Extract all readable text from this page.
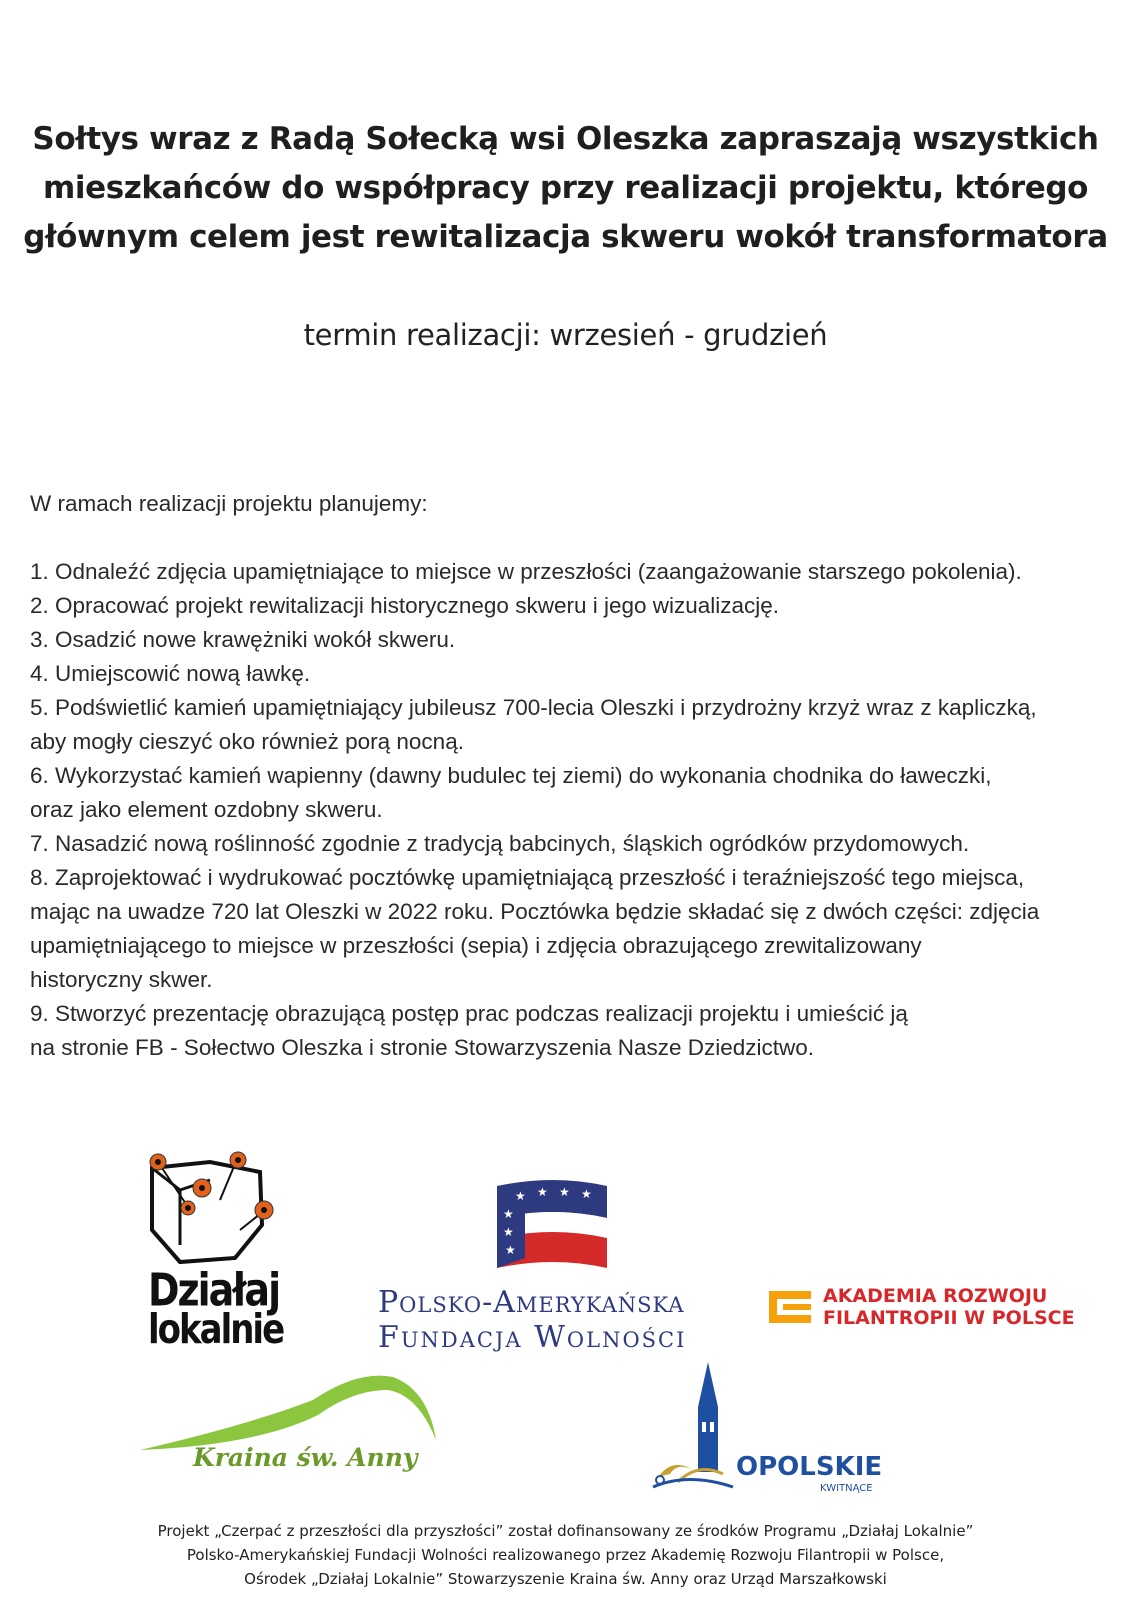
Sołtys wraz z Radą Sołecką wsi Oleszka zapraszają wszystkich
mieszkańców do współpracy przy realizacji projektu, którego
głównym celem jest rewitalizacja skweru wokół transformatora
termin realizacji: wrzesień - grudzień
W ramach realizacji projektu planujemy:
1. Odnaleźć zdjęcia upamiętniające to miejsce w przeszłości (zaangażowanie starszego pokolenia).
2. Opracować projekt rewitalizacji historycznego skweru i jego wizualizację.
3. Osadzić nowe krawężniki wokół skweru.
4. Umiejscowić nową ławkę.
5. Podświetlić kamień upamiętniający jubileusz 700-lecia Oleszki i przydrożny krzyż wraz z kapliczką,
aby mogły cieszyć oko również porą nocną.
6. Wykorzystać kamień wapienny (dawny budulec tej ziemi) do wykonania chodnika do ławeczki,
oraz jako element ozdobny skweru.
7. Nasadzić nową roślinność zgodnie z tradycją babcinych, śląskich ogródków przydomowych.
8. Zaprojektować i wydrukować pocztówkę upamiętniającą przeszłość i teraźniejszość tego miejsca,
mając na uwadze 720 lat Oleszki w 2022 roku. Pocztówka będzie składać się z dwóch części: zdjęcia
upamiętniającego to miejsce w przeszłości (sepia) i zdjęcia obrazującego zrewitalizowany
historyczny skwer.
9. Stworzyć prezentację obrazującą postęp prac podczas realizacji projektu i umieścić ją
na stronie FB - Sołectwo Oleszka i stronie Stowarzyszenia Nasze Dziedzictwo.
Działaj
lokalnie
★ ★ ★ ★
★
★
★
Polsko-Amerykańska
Fundacja Wolności
AKADEMIA ROZWOJU
FILANTROPII W POLSCE
Kraina św. Anny	OPOLSKIE
KWITNĄCE
Projekt „Czerpać z przeszłości dla przyszłości” został dofinansowany ze środków Programu „Działaj Lokalnie”
Polsko-Amerykańskiej Fundacji Wolności realizowanego przez Akademię Rozwoju Filantropii w Polsce,
Ośrodek „Działaj Lokalnie” Stowarzyszenie Kraina św. Anny oraz Urząd Marszałkowski
